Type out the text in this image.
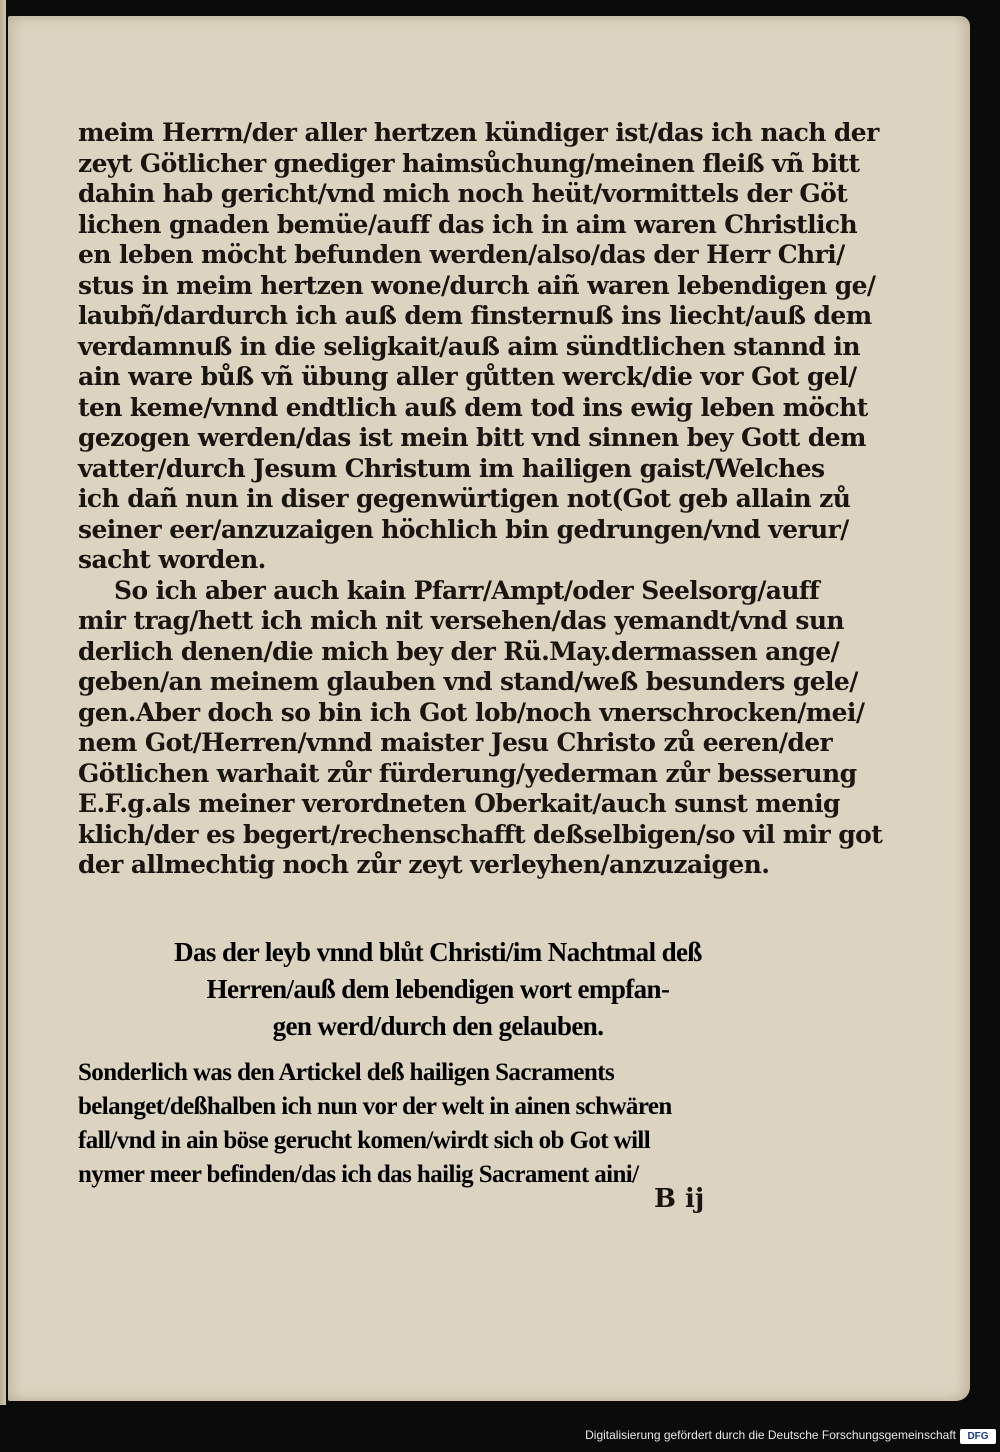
meim Herrn/der aller hertzen kündiger ist/das ich nach der
zeyt Götlicher gnediger haimsůchung/meinen fleiß vñ bitt
dahin hab gericht/vnd mich noch heüt/vormittels der Göt
lichen gnaden bemüe/auff das ich in aim waren Christlich
en leben möcht befunden werden/also/das der Herr Chri/
stus in meim hertzen wone/durch aiñ waren lebendigen ge/
laubñ/dardurch ich auß dem finsternuß ins liecht/auß dem
verdamnuß in die seligkait/auß aim sündtlichen stannd in
ain ware bůß vñ übung aller gůtten werck/die vor Got gel/
ten keme/vnnd endtlich auß dem tod ins ewig leben möcht
gezogen werden/das ist mein bitt vnd sinnen bey Gott dem
vatter/durch Jesum Christum im hailigen gaist/Welches
ich dañ nun in diser gegenwürtigen not(Got geb allain zů
seiner eer/anzuzaigen höchlich bin gedrungen/vnd verur/
sacht worden.
So ich aber auch kain Pfarr/Ampt/oder Seelsorg/auff
mir trag/hett ich mich nit versehen/das yemandt/vnd sun
derlich denen/die mich bey der Rü.May.dermassen ange/
geben/an meinem glauben vnd stand/weß besunders gele/
gen.Aber doch so bin ich Got lob/noch vnerschrocken/mei/
nem Got/Herren/vnnd maister Jesu Christo zů eeren/der
Götlichen warhait zůr fürderung/yederman zůr besserung
E.F.g.als meiner verordneten Oberkait/auch sunst menig
klich/der es begert/rechenschafft deßselbigen/so vil mir got
der allmechtig noch zůr zeyt verleyhen/anzuzaigen.
Das der leyb vnnd blůt Christi/im Nachtmal deß
Herren/auß dem lebendigen wort empfan-
gen werd/durch den gelauben.
Sonderlich was den Artickel deß hailigen Sacraments
belanget/deßhalben ich nun vor der welt in ainen schwären
fall/vnd in ain böse gerucht komen/wirdt sich ob Got will
nymer meer befinden/das ich das hailig Sacrament aini/
B ij
Digitalisierung gefördert durch die Deutsche Forschungsgemeinschaft	DFG
